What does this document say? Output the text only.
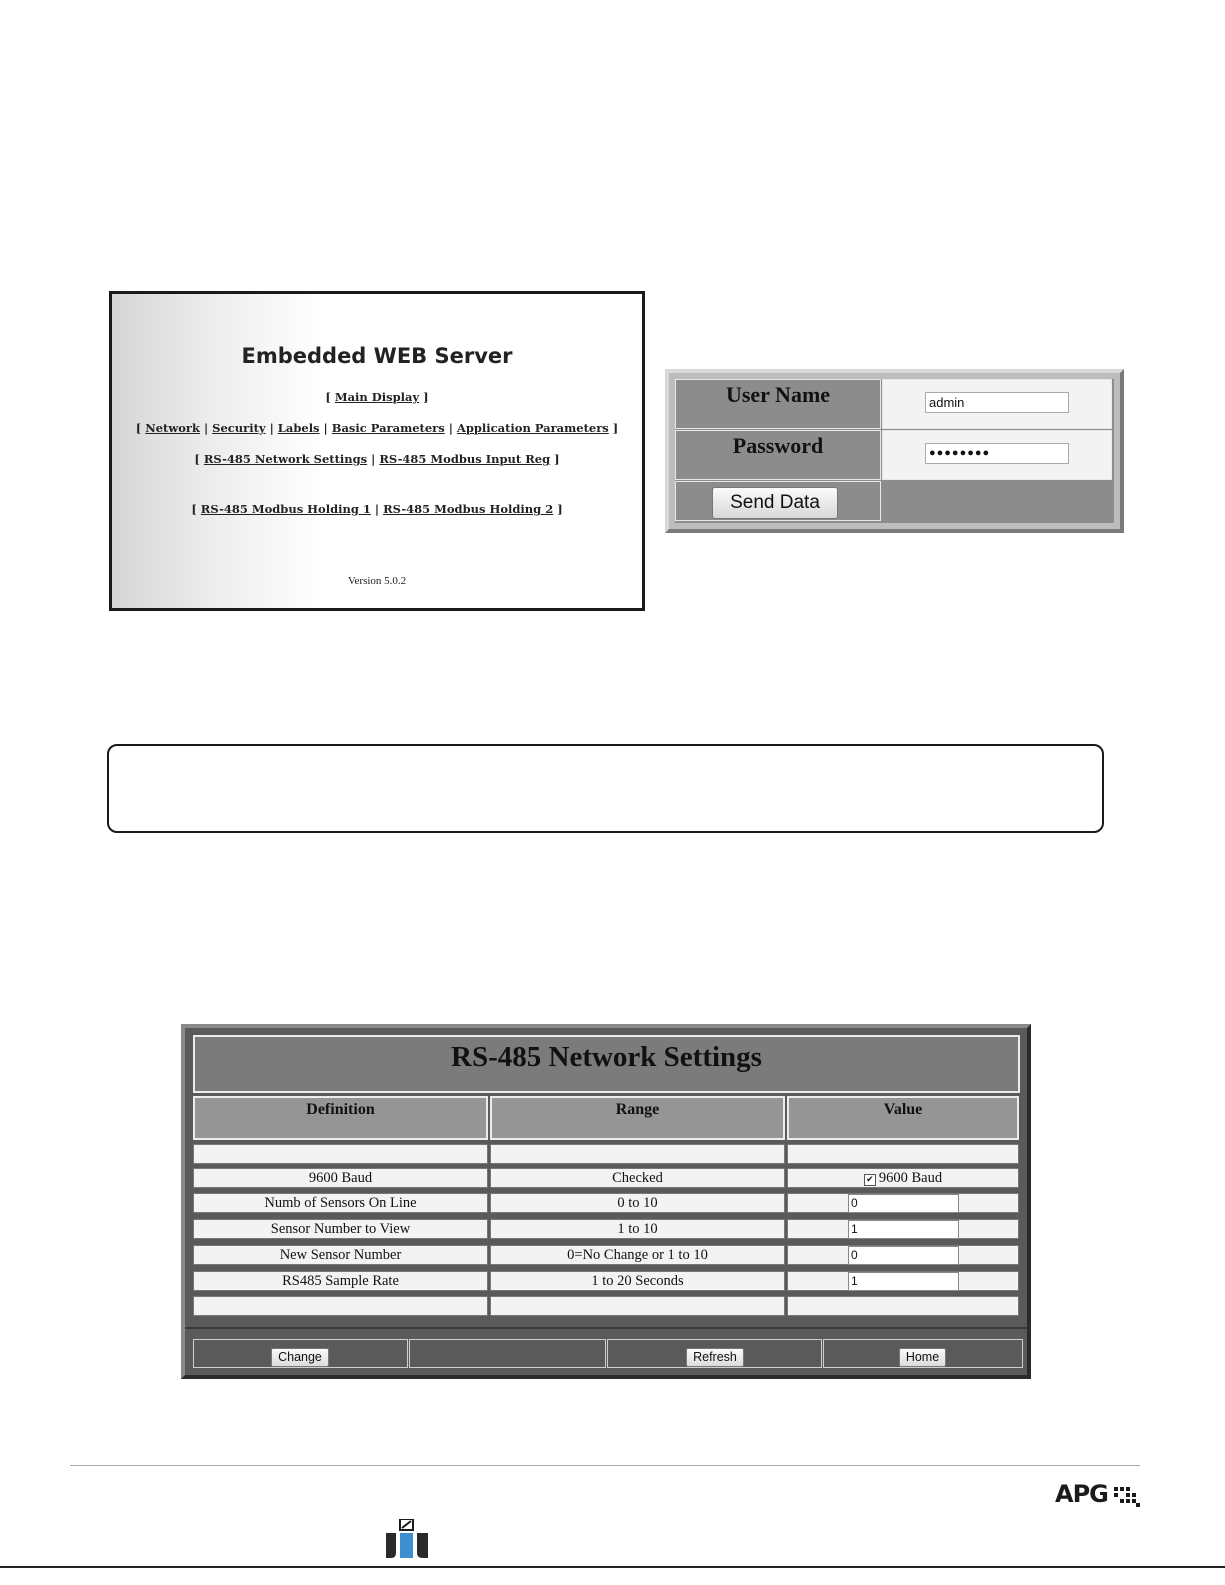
Embedded WEB Server
[ Main Display ]
[ Network | Security | Labels | Basic Parameters | Application Parameters ]
[ RS-485 Network Settings | RS-485 Modbus Input Reg ]
[ RS-485 Modbus Holding 1 | RS-485 Modbus Holding 2 ]
Version 5.0.2
User Name	admin
Password	●●●●●●●●
Send Data
RS-485 Network Settings
Definition	Range	Value
9600 Baud	Checked	✔ 9600 Baud
Numb of Sensors On Line	0 to 10	0
Sensor Number to View	1 to 10	1
New Sensor Number	0=No Change or 1 to 10	0
RS485 Sample Rate	1 to 20 Seconds	1
Change	Refresh	Home
APG
